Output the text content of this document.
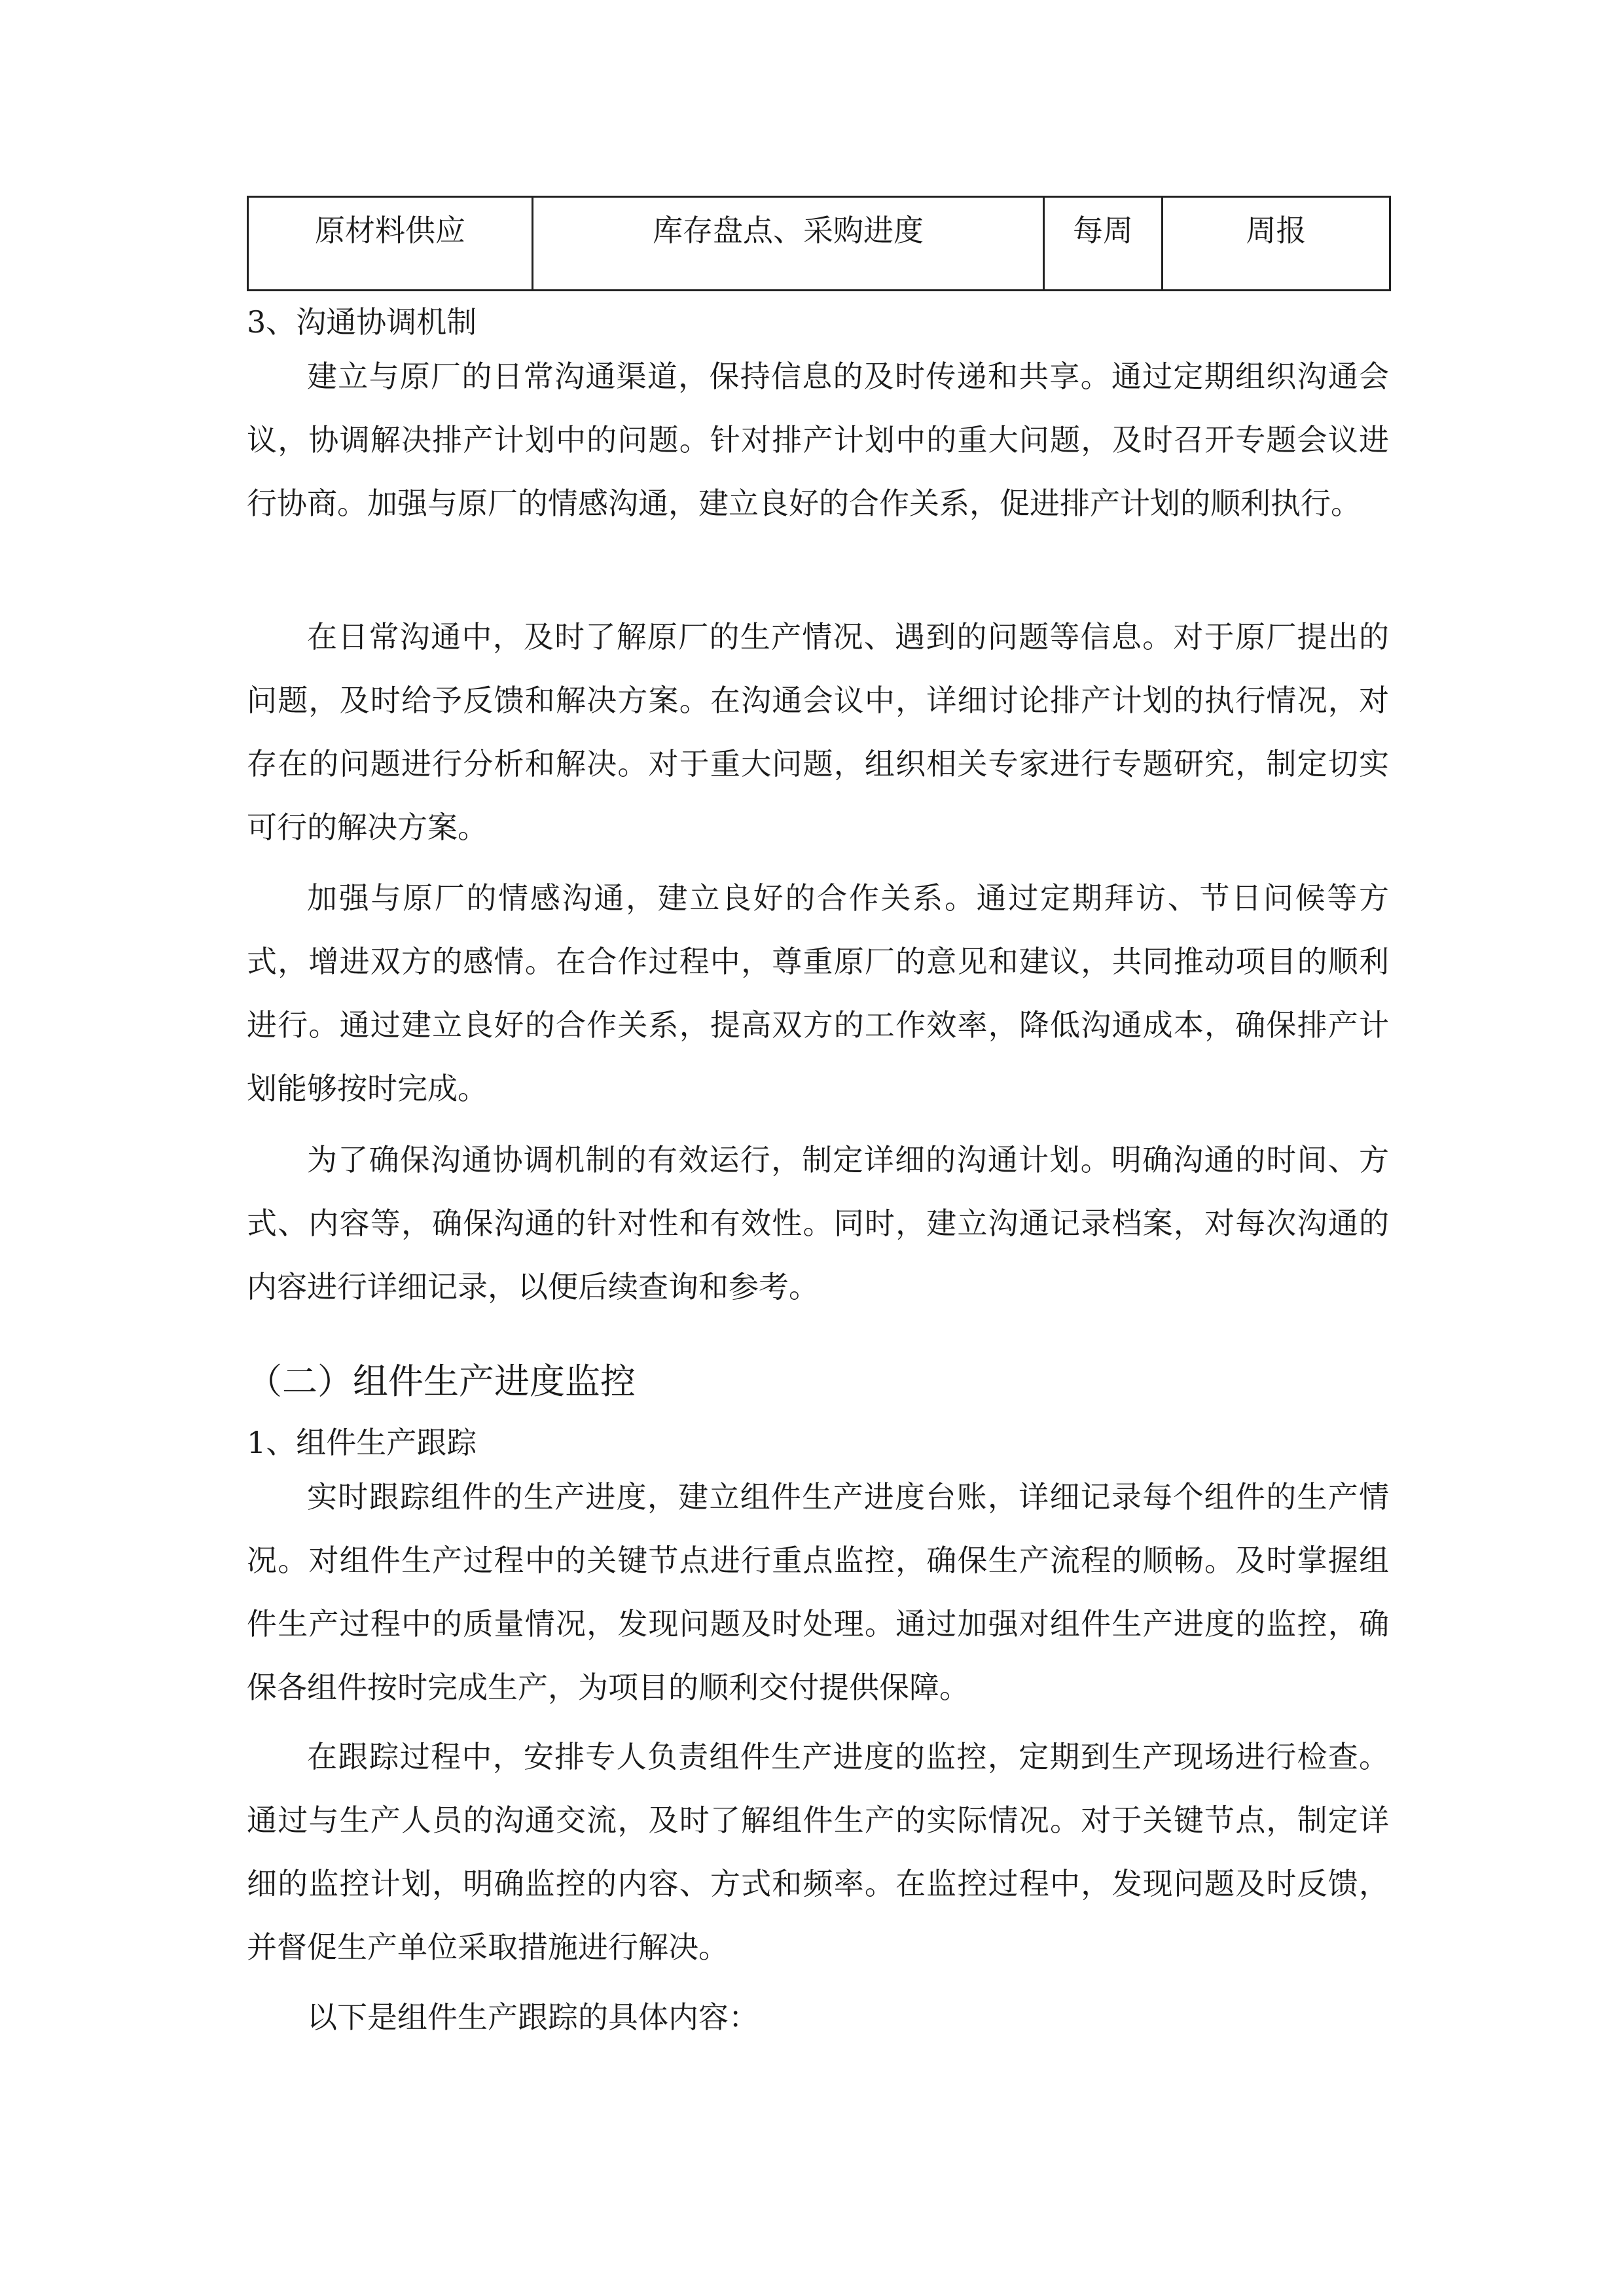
原材料供应	库存盘点、采购进度	每周	周报
3、沟通协调机制

建立与原厂的日常沟通渠道，保持信息的及时传递和共享。通过定期组织沟通会议，协调解决排产计划中的问题。针对排产计划中的重大问题，及时召开专题会议进行协商。加强与原厂的情感沟通，建立良好的合作关系，促进排产计划的顺利执行。

在日常沟通中，及时了解原厂的生产情况、遇到的问题等信息。对于原厂提出的问题，及时给予反馈和解决方案。在沟通会议中，详细讨论排产计划的执行情况，对存在的问题进行分析和解决。对于重大问题，组织相关专家进行专题研究，制定切实可行的解决方案。

加强与原厂的情感沟通，建立良好的合作关系。通过定期拜访、节日问候等方式，增进双方的感情。在合作过程中，尊重原厂的意见和建议，共同推动项目的顺利进行。通过建立良好的合作关系，提高双方的工作效率，降低沟通成本，确保排产计划能够按时完成。

为了确保沟通协调机制的有效运行，制定详细的沟通计划。明确沟通的时间、方式、内容等，确保沟通的针对性和有效性。同时，建立沟通记录档案，对每次沟通的内容进行详细记录，以便后续查询和参考。

（二）组件生产进度监控
1、组件生产跟踪

实时跟踪组件的生产进度，建立组件生产进度台账，详细记录每个组件的生产情况。对组件生产过程中的关键节点进行重点监控，确保生产流程的顺畅。及时掌握组件生产过程中的质量情况，发现问题及时处理。通过加强对组件生产进度的监控，确保各组件按时完成生产，为项目的顺利交付提供保障。

在跟踪过程中，安排专人负责组件生产进度的监控，定期到生产现场进行检查。通过与生产人员的沟通交流，及时了解组件生产的实际情况。对于关键节点，制定详细的监控计划，明确监控的内容、方式和频率。在监控过程中，发现问题及时反馈，并督促生产单位采取措施进行解决。

以下是组件生产跟踪的具体内容：
